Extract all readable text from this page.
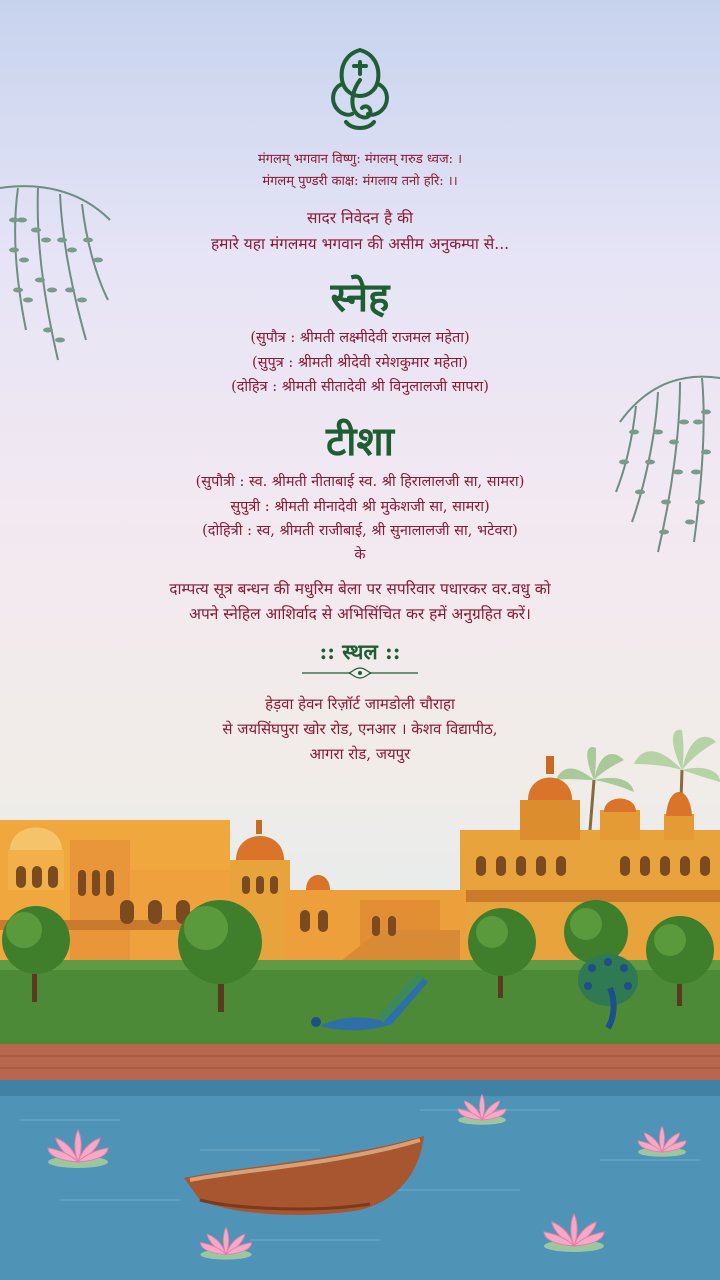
मंगलम् भगवान विष्णु: मंगलम् गरुड ध्वज: ।
मंगलम् पुण्डरी काक्ष: मंगलाय तनो हरि: ।।
सादर निवेदन है की
हमारे यहा मंगलमय भगवान की असीम अनुकम्पा से...
स्नेह
(सुपौत्र : श्रीमती लक्ष्मीदेवी राजमल महेता)
(सुपुत्र : श्रीमती श्रीदेवी रमेशकुमार महेता)
(दोहित्र : श्रीमती सीतादेवी श्री विनुलालजी सापरा)
टीशा
(सुपौत्री : स्व. श्रीमती नीताबाई स्व. श्री हिरालालजी सा, सामरा)
सुपुत्री : श्रीमती मीनादेवी श्री मुकेशजी सा, सामरा)
(दोहित्री : स्व, श्रीमती राजीबाई, श्री सुनालालजी सा, भटेवरा)
के
दाम्पत्य सूत्र बन्धन की मधुरिम बेला पर सपरिवार पधारकर वर.वधु को
अपने स्नेहिल आशिर्वाद से अभिसिंचित कर हमें अनुग्रहित करें।
:: स्थल ::
हेड़वा हेवन रिज़ॉर्ट जामडोली चौराहा
से जयसिंघपुरा खोर रोड, एनआर । केशव विद्यापीठ,
आगरा रोड, जयपुर
